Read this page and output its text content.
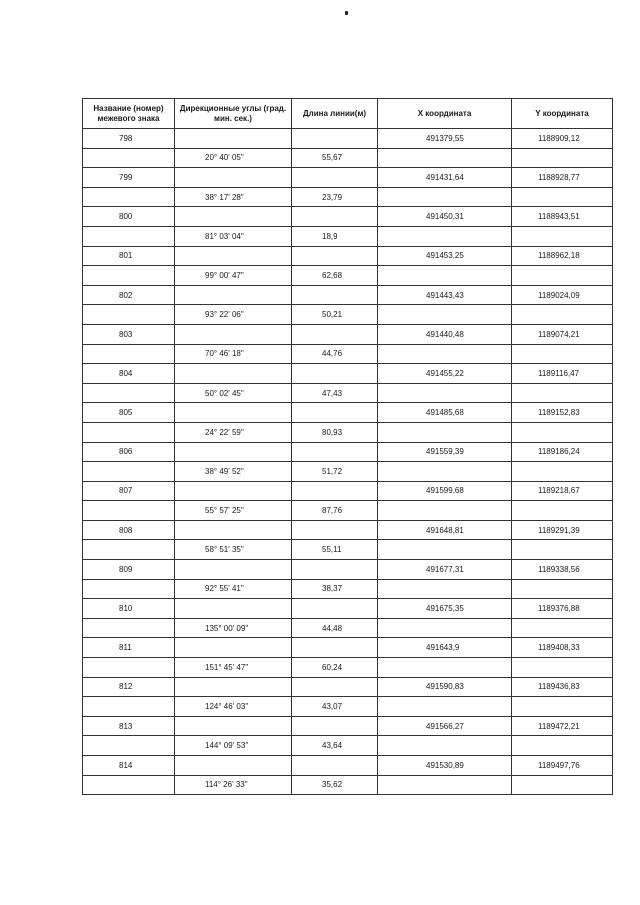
Название (номер) межевого знака	Дирекционные углы (град. мин. сек.)	Длина линии(м)	X координата	Y координата
798			491379,55	1188909,12
	20° 40' 05"	55,67		
799			491431,64	1188928,77
	38° 17' 28"	23,79		
800			491450,31	1188943,51
	81° 03' 04"	18,9		
801			491453,25	1188962,18
	99° 00' 47"	62,68		
802			491443,43	1189024,09
	93° 22' 06"	50,21		
803			491440,48	1189074,21
	70° 46' 18"	44,76		
804			491455,22	1189116,47
	50° 02' 45"	47,43		
805			491485,68	1189152,83
	24° 22' 59"	80,93		
806			491559,39	1189186,24
	38° 49' 52"	51,72		
807			491599,68	1189218,67
	55° 57' 25"	87,76		
808			491648,81	1189291,39
	58° 51' 35"	55,11		
809			491677,31	1189338,56
	92° 55' 41"	38,37		
810			491675,35	1189376,88
	135° 00' 09"	44,48		
811			491643,9	1189408,33
	151° 45' 47"	60,24		
812			491590,83	1189436,83
	124° 46' 03"	43,07		
813			491566,27	1189472,21
	144° 09' 53"	43,64		
814			491530,89	1189497,76
	114° 26' 33"	35,62		
